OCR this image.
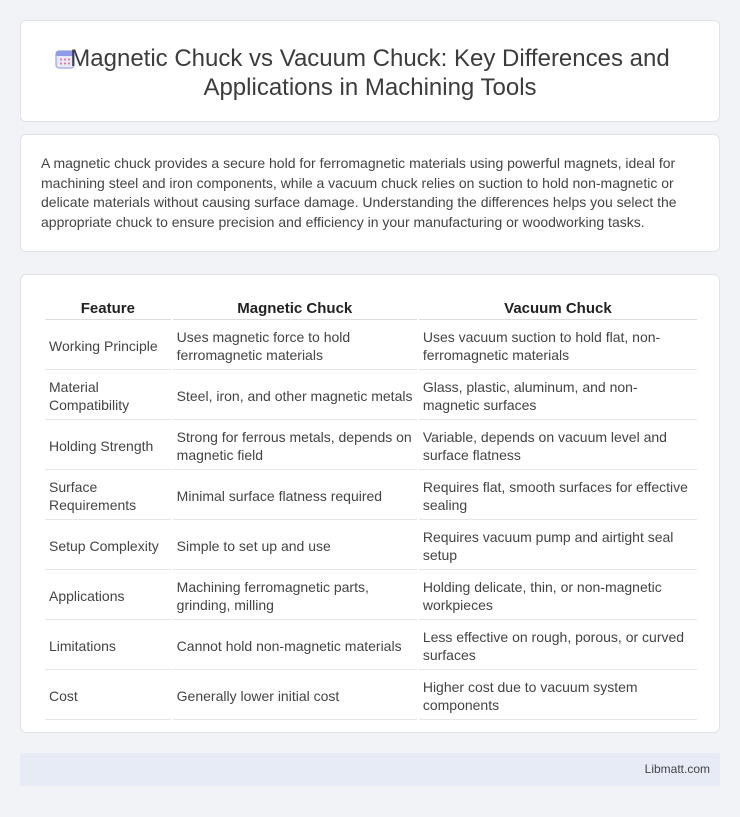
Magnetic Chuck vs Vacuum Chuck: Key Differences and Applications in Machining Tools

A magnetic chuck provides a secure hold for ferromagnetic materials using powerful magnets, ideal for machining steel and iron components, while a vacuum chuck relies on suction to hold non-magnetic or delicate materials without causing surface damage. Understanding the differences helps you select the appropriate chuck to ensure precision and efficiency in your manufacturing or woodworking tasks.

Feature	Magnetic Chuck	Vacuum Chuck
Working Principle	Uses magnetic force to hold ferromagnetic materials	Uses vacuum suction to hold flat, non-ferromagnetic materials
Material Compatibility	Steel, iron, and other magnetic metals	Glass, plastic, aluminum, and non-magnetic surfaces
Holding Strength	Strong for ferrous metals, depends on magnetic field	Variable, depends on vacuum level and surface flatness
Surface Requirements	Minimal surface flatness required	Requires flat, smooth surfaces for effective sealing
Setup Complexity	Simple to set up and use	Requires vacuum pump and airtight seal setup
Applications	Machining ferromagnetic parts, grinding, milling	Holding delicate, thin, or non-magnetic workpieces
Limitations	Cannot hold non-magnetic materials	Less effective on rough, porous, or curved surfaces
Cost	Generally lower initial cost	Higher cost due to vacuum system components
Libmatt.com
